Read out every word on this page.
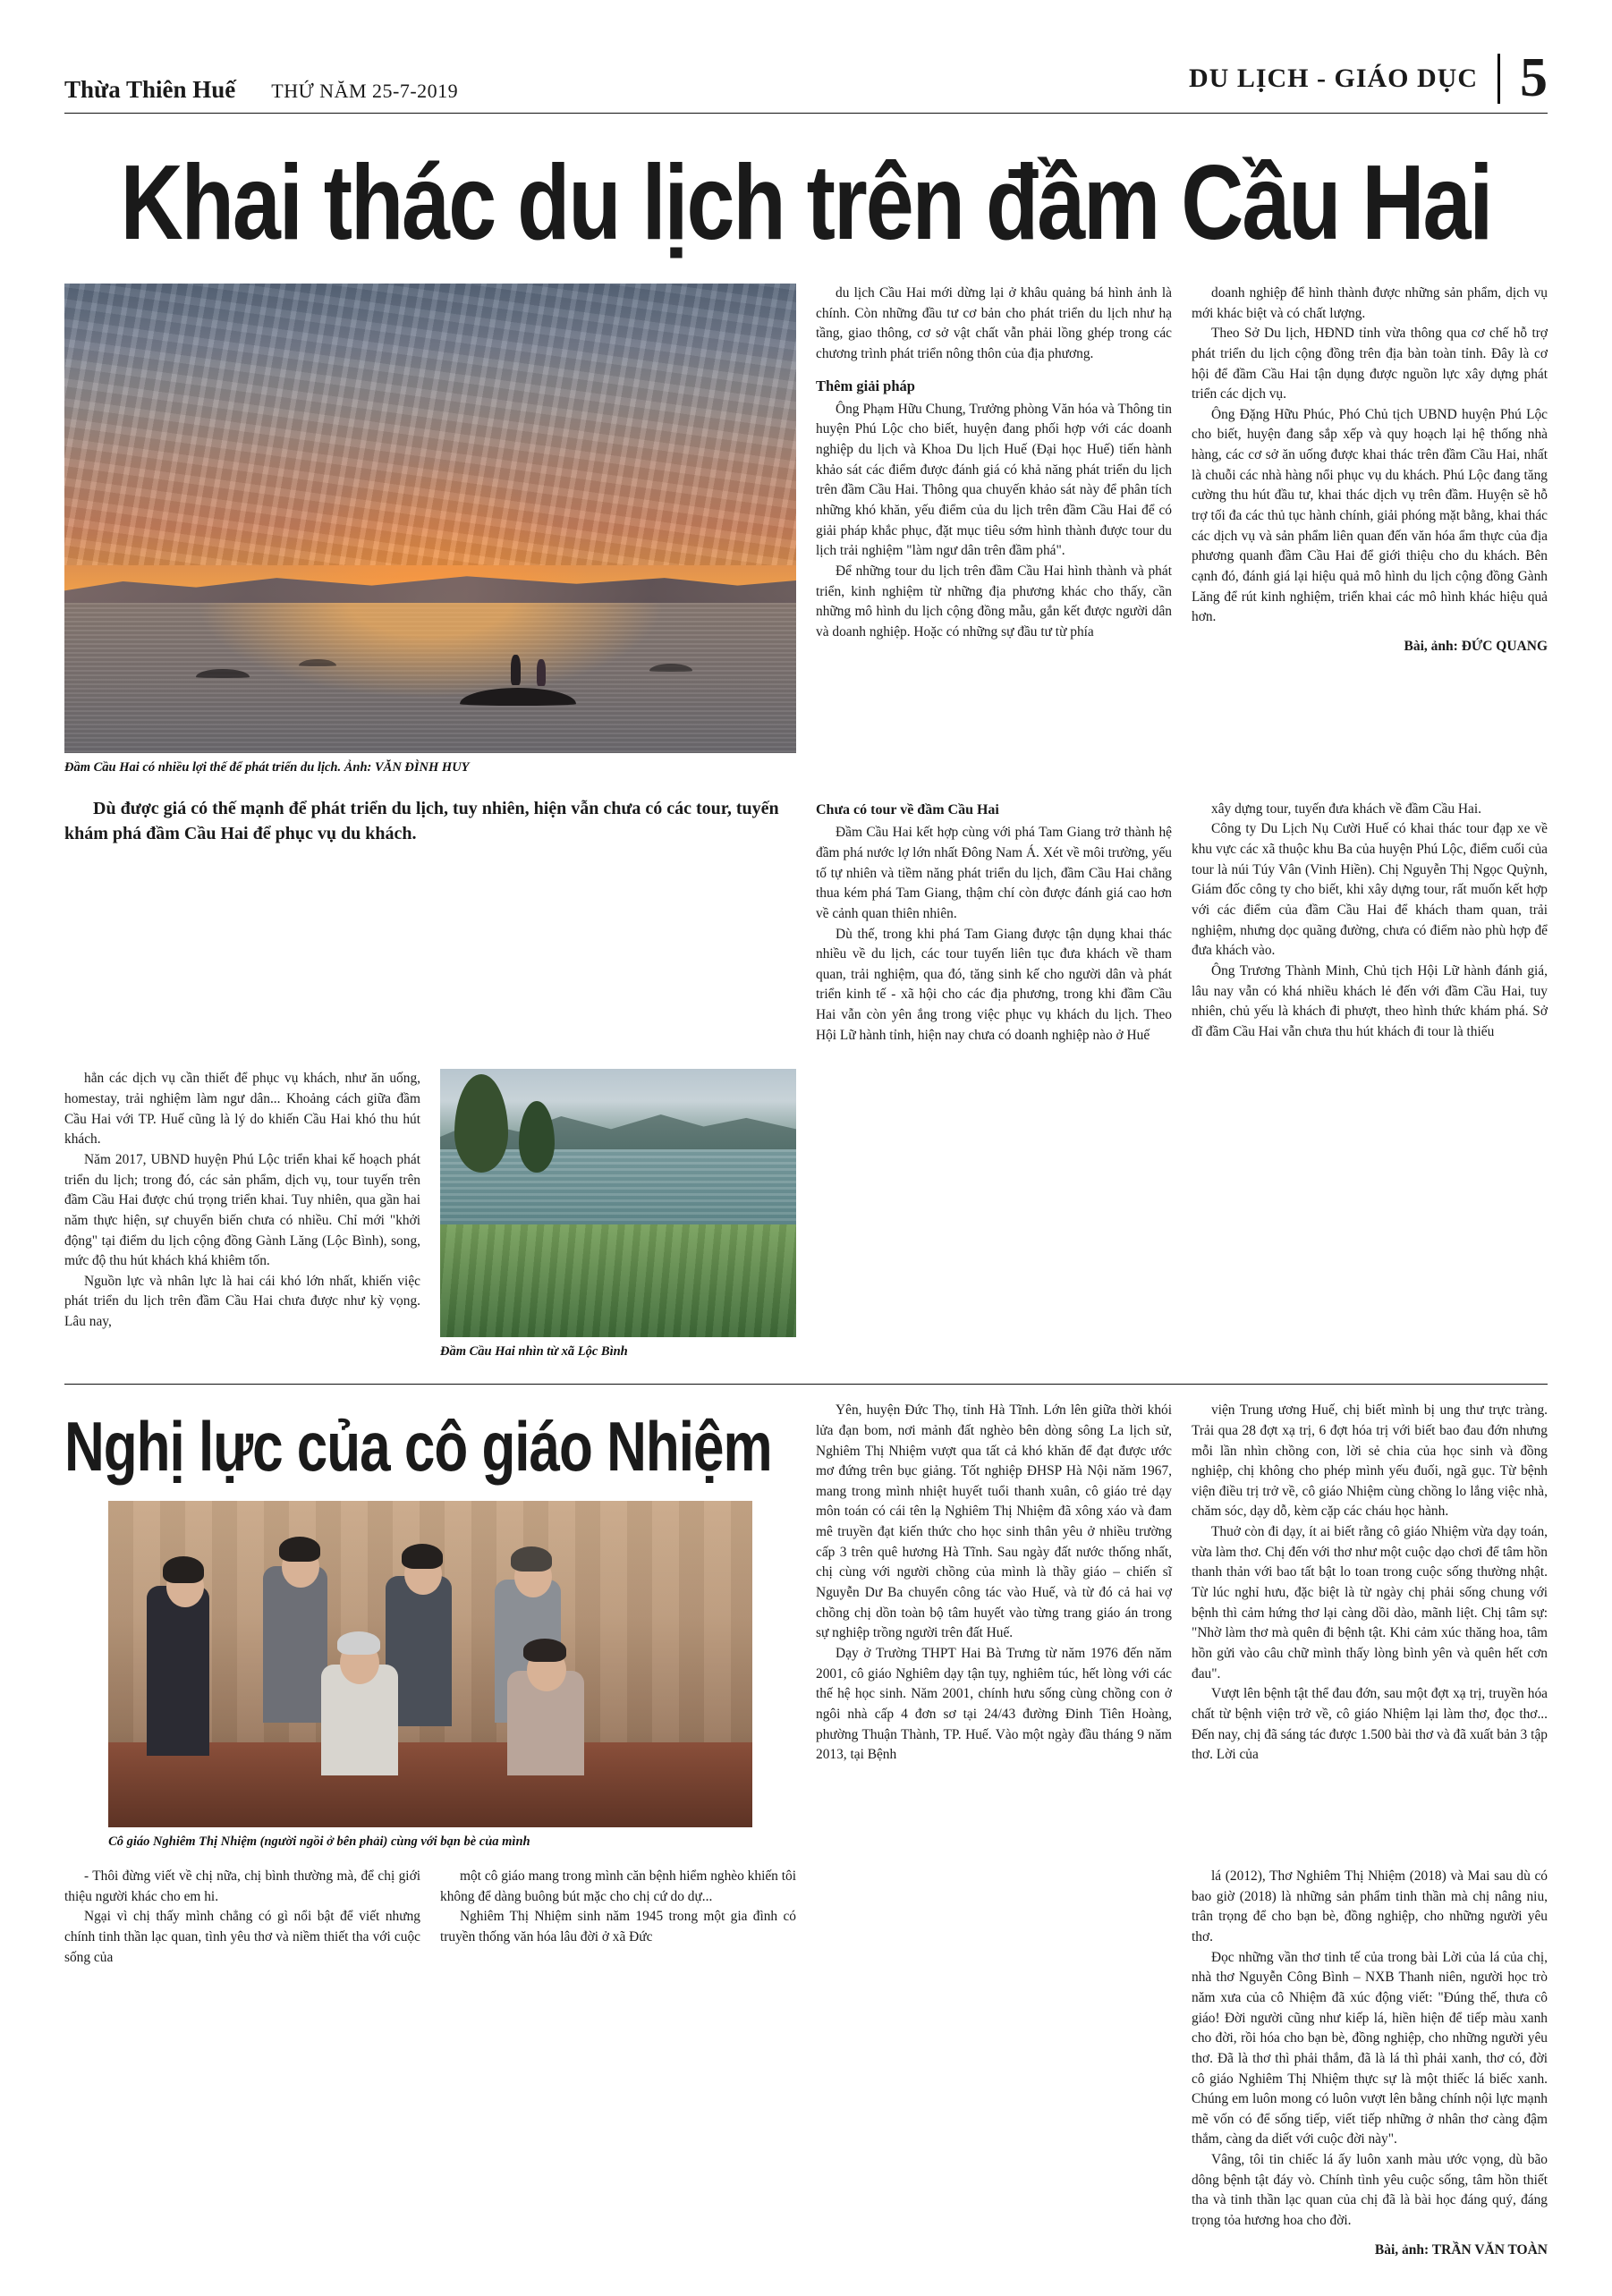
Thừa Thiên Huế THỨ NĂM 25-7-2019	DU LỊCH - GIÁO DỤC 5
Khai thác du lịch trên đầm Cầu Hai
Đầm Cầu Hai có nhiều lợi thế để phát triển du lịch. Ảnh: VĂN ĐÌNH HUY

du lịch Cầu Hai mới dừng lại ở khâu quảng bá hình ảnh là chính. Còn những đầu tư cơ bản cho phát triển du lịch như hạ tầng, giao thông, cơ sở vật chất vẫn phải lồng ghép trong các chương trình phát triển nông thôn của địa phương.

Thêm giải pháp

Ông Phạm Hữu Chung, Trưởng phòng Văn hóa và Thông tin huyện Phú Lộc cho biết, huyện đang phối hợp với các doanh nghiệp du lịch và Khoa Du lịch Huế (Đại học Huế) tiến hành khảo sát các điểm được đánh giá có khả năng phát triển du lịch trên đầm Cầu Hai. Thông qua chuyến khảo sát này để phân tích những khó khăn, yếu điểm của du lịch trên đầm Cầu Hai để có giải pháp khắc phục, đặt mục tiêu sớm hình thành được tour du lịch trải nghiệm "làm ngư dân trên đầm phá".

Để những tour du lịch trên đầm Cầu Hai hình thành và phát triển, kinh nghiệm từ những địa phương khác cho thấy, cần những mô hình du lịch cộng đồng mẫu, gắn kết được người dân và doanh nghiệp. Hoặc có những sự đầu tư từ phía

doanh nghiệp để hình thành được những sản phẩm, dịch vụ mới khác biệt và có chất lượng.

Theo Sở Du lịch, HĐND tỉnh vừa thông qua cơ chế hỗ trợ phát triển du lịch cộng đồng trên địa bàn toàn tỉnh. Đây là cơ hội để đầm Cầu Hai tận dụng được nguồn lực xây dựng phát triển các dịch vụ.

Ông Đặng Hữu Phúc, Phó Chủ tịch UBND huyện Phú Lộc cho biết, huyện đang sắp xếp và quy hoạch lại hệ thống nhà hàng, các cơ sở ăn uống được khai thác trên đầm Cầu Hai, nhất là chuỗi các nhà hàng nổi phục vụ du khách. Phú Lộc đang tăng cường thu hút đầu tư, khai thác dịch vụ trên đầm. Huyện sẽ hỗ trợ tối đa các thủ tục hành chính, giải phóng mặt bằng, khai thác các dịch vụ và sản phẩm liên quan đến văn hóa ẩm thực của địa phương quanh đầm Cầu Hai để giới thiệu cho du khách. Bên cạnh đó, đánh giá lại hiệu quả mô hình du lịch cộng đồng Gành Lăng để rút kinh nghiệm, triển khai các mô hình khác hiệu quả hơn.

Bài, ảnh: ĐỨC QUANG
Dù được giá có thế mạnh để phát triển du lịch, tuy nhiên, hiện vẫn chưa có các tour, tuyến khám phá đầm Cầu Hai để phục vụ du khách.
Chưa có tour về đầm Cầu Hai

Đầm Cầu Hai kết hợp cùng với phá Tam Giang trở thành hệ đầm phá nước lợ lớn nhất Đông Nam Á. Xét về môi trường, yếu tố tự nhiên và tiềm năng phát triển du lịch, đầm Cầu Hai chẳng thua kém phá Tam Giang, thậm chí còn được đánh giá cao hơn về cảnh quan thiên nhiên.

Dù thế, trong khi phá Tam Giang được tận dụng khai thác nhiều về du lịch, các tour tuyến liên tục đưa khách về tham quan, trải nghiệm, qua đó, tăng sinh kế cho người dân và phát triển kinh tế - xã hội cho các địa phương, trong khi đầm Cầu Hai vẫn còn yên ắng trong việc phục vụ khách du lịch. Theo Hội Lữ hành tỉnh, hiện nay chưa có doanh nghiệp nào ở Huế

xây dựng tour, tuyến đưa khách về đầm Cầu Hai.

Công ty Du Lịch Nụ Cười Huế có khai thác tour đạp xe về khu vực các xã thuộc khu Ba của huyện Phú Lộc, điểm cuối của tour là núi Túy Vân (Vinh Hiền). Chị Nguyễn Thị Ngọc Quỳnh, Giám đốc công ty cho biết, khi xây dựng tour, rất muốn kết hợp với các điểm của đầm Cầu Hai để khách tham quan, trải nghiệm, nhưng dọc quãng đường, chưa có điểm nào phù hợp để đưa khách vào.

Ông Trương Thành Minh, Chủ tịch Hội Lữ hành đánh giá, lâu nay vẫn có khá nhiều khách lẻ đến với đầm Cầu Hai, tuy nhiên, chủ yếu là khách đi phượt, theo hình thức khám phá. Sở dĩ đầm Cầu Hai vẫn chưa thu hút khách đi tour là thiếu

hẳn các dịch vụ cần thiết để phục vụ khách, như ăn uống, homestay, trải nghiệm làm ngư dân... Khoảng cách giữa đầm Cầu Hai với TP. Huế cũng là lý do khiến Cầu Hai khó thu hút khách.

Năm 2017, UBND huyện Phú Lộc triển khai kế hoạch phát triển du lịch; trong đó, các sản phẩm, dịch vụ, tour tuyến trên đầm Cầu Hai được chú trọng triển khai. Tuy nhiên, qua gần hai năm thực hiện, sự chuyển biến chưa có nhiều. Chỉ mới "khởi động" tại điểm du lịch cộng đồng Gành Lăng (Lộc Bình), song, mức độ thu hút khách khá khiêm tốn.

Nguồn lực và nhân lực là hai cái khó lớn nhất, khiến việc phát triển du lịch trên đầm Cầu Hai chưa được như kỳ vọng. Lâu nay,

Đầm Cầu Hai nhìn từ xã Lộc Bình
Nghị lực của cô giáo Nhiệm
Cô giáo Nghiêm Thị Nhiệm (người ngồi ở bên phải) cùng với bạn bè của mình

Yên, huyện Đức Thọ, tỉnh Hà Tĩnh. Lớn lên giữa thời khói lửa đạn bom, nơi mảnh đất nghèo bên dòng sông La lịch sử, Nghiêm Thị Nhiệm vượt qua tất cả khó khăn để đạt được ước mơ đứng trên bục giảng. Tốt nghiệp ĐHSP Hà Nội năm 1967, mang trong mình nhiệt huyết tuổi thanh xuân, cô giáo trẻ dạy môn toán có cái tên lạ Nghiêm Thị Nhiệm đã xông xáo và đam mê truyền đạt kiến thức cho học sinh thân yêu ở nhiều trường cấp 3 trên quê hương Hà Tĩnh. Sau ngày đất nước thống nhất, chị cùng với người chồng của mình là thầy giáo – chiến sĩ Nguyễn Dư Ba chuyển công tác vào Huế, và từ đó cả hai vợ chồng chị dồn toàn bộ tâm huyết vào từng trang giáo án trong sự nghiệp trồng người trên đất Huế.

Dạy ở Trường THPT Hai Bà Trưng từ năm 1976 đến năm 2001, cô giáo Nghiêm dạy tận tụy, nghiêm túc, hết lòng với các thế hệ học sinh. Năm 2001, chính hưu sống cùng chồng con ở ngôi nhà cấp 4 đơn sơ tại 24/43 đường Đinh Tiên Hoàng, phường Thuận Thành, TP. Huế. Vào một ngày đầu tháng 9 năm 2013, tại Bệnh

viện Trung ương Huế, chị biết mình bị ung thư trực tràng. Trải qua 28 đợt xạ trị, 6 đợt hóa trị với biết bao đau đớn nhưng mỗi lần nhìn chồng con, lời sẻ chia của học sinh và đồng nghiệp, chị không cho phép mình yếu đuối, ngã gục. Từ bệnh viện điều trị trở về, cô giáo Nhiệm cùng chồng lo lắng việc nhà, chăm sóc, dạy dỗ, kèm cặp các cháu học hành.

Thuở còn đi dạy, ít ai biết rằng cô giáo Nhiệm vừa dạy toán, vừa làm thơ. Chị đến với thơ như một cuộc dạo chơi để tâm hồn thanh thản với bao tất bật lo toan trong cuộc sống thường nhật. Từ lúc nghỉ hưu, đặc biệt là từ ngày chị phải sống chung với bệnh thì cảm hứng thơ lại càng dồi dào, mãnh liệt. Chị tâm sự: "Nhờ làm thơ mà quên đi bệnh tật. Khi cảm xúc thăng hoa, tâm hồn gửi vào câu chữ mình thấy lòng bình yên và quên hết cơn đau".

Vượt lên bệnh tật thể đau đớn, sau một đợt xạ trị, truyền hóa chất từ bệnh viện trở về, cô giáo Nhiệm lại làm thơ, đọc thơ... Đến nay, chị đã sáng tác được 1.500 bài thơ và đã xuất bản 3 tập thơ. Lời của

- Thôi đừng viết về chị nữa, chị bình thường mà, để chị giới thiệu người khác cho em hi.

Ngại vì chị thấy mình chẳng có gì nổi bật để viết nhưng chính tinh thần lạc quan, tình yêu thơ và niềm thiết tha với cuộc sống của

một cô giáo mang trong mình căn bệnh hiểm nghèo khiến tôi không để dàng buông bút mặc cho chị cứ do dự...

Nghiêm Thị Nhiệm sinh năm 1945 trong một gia đình có truyền thống văn hóa lâu đời ở xã Đức

lá (2012), Thơ Nghiêm Thị Nhiệm (2018) và Mai sau dù có bao giờ (2018) là những sản phẩm tinh thần mà chị nâng niu, trân trọng để cho bạn bè, đồng nghiệp, cho những người yêu thơ.

Đọc những vần thơ tinh tế của trong bài Lời của lá của chị, nhà thơ Nguyễn Công Bình – NXB Thanh niên, người học trò năm xưa của cô Nhiệm đã xúc động viết: "Đúng thế, thưa cô giáo! Đời người cũng như kiếp lá, hiền hiện để tiếp màu xanh cho đời, rồi hóa cho bạn bè, đồng nghiệp, cho những người yêu thơ. Đã là thơ thì phải thắm, đã là lá thì phải xanh, thơ có, đời cô giáo Nghiêm Thị Nhiệm thực sự là một thiếc lá biếc xanh. Chúng em luôn mong có luôn vượt lên bằng chính nội lực mạnh mẽ vốn có để sống tiếp, viết tiếp những ở nhân thơ càng đậm thắm, càng da diết với cuộc đời này".

Vâng, tôi tin chiếc lá ấy luôn xanh màu ước vọng, dù bão dông bệnh tật đáy vò. Chính tình yêu cuộc sống, tâm hồn thiết tha và tinh thần lạc quan của chị đã là bài học đáng quý, đáng trọng tỏa hương hoa cho đời.

Bài, ảnh: TRẦN VĂN TOÀN
